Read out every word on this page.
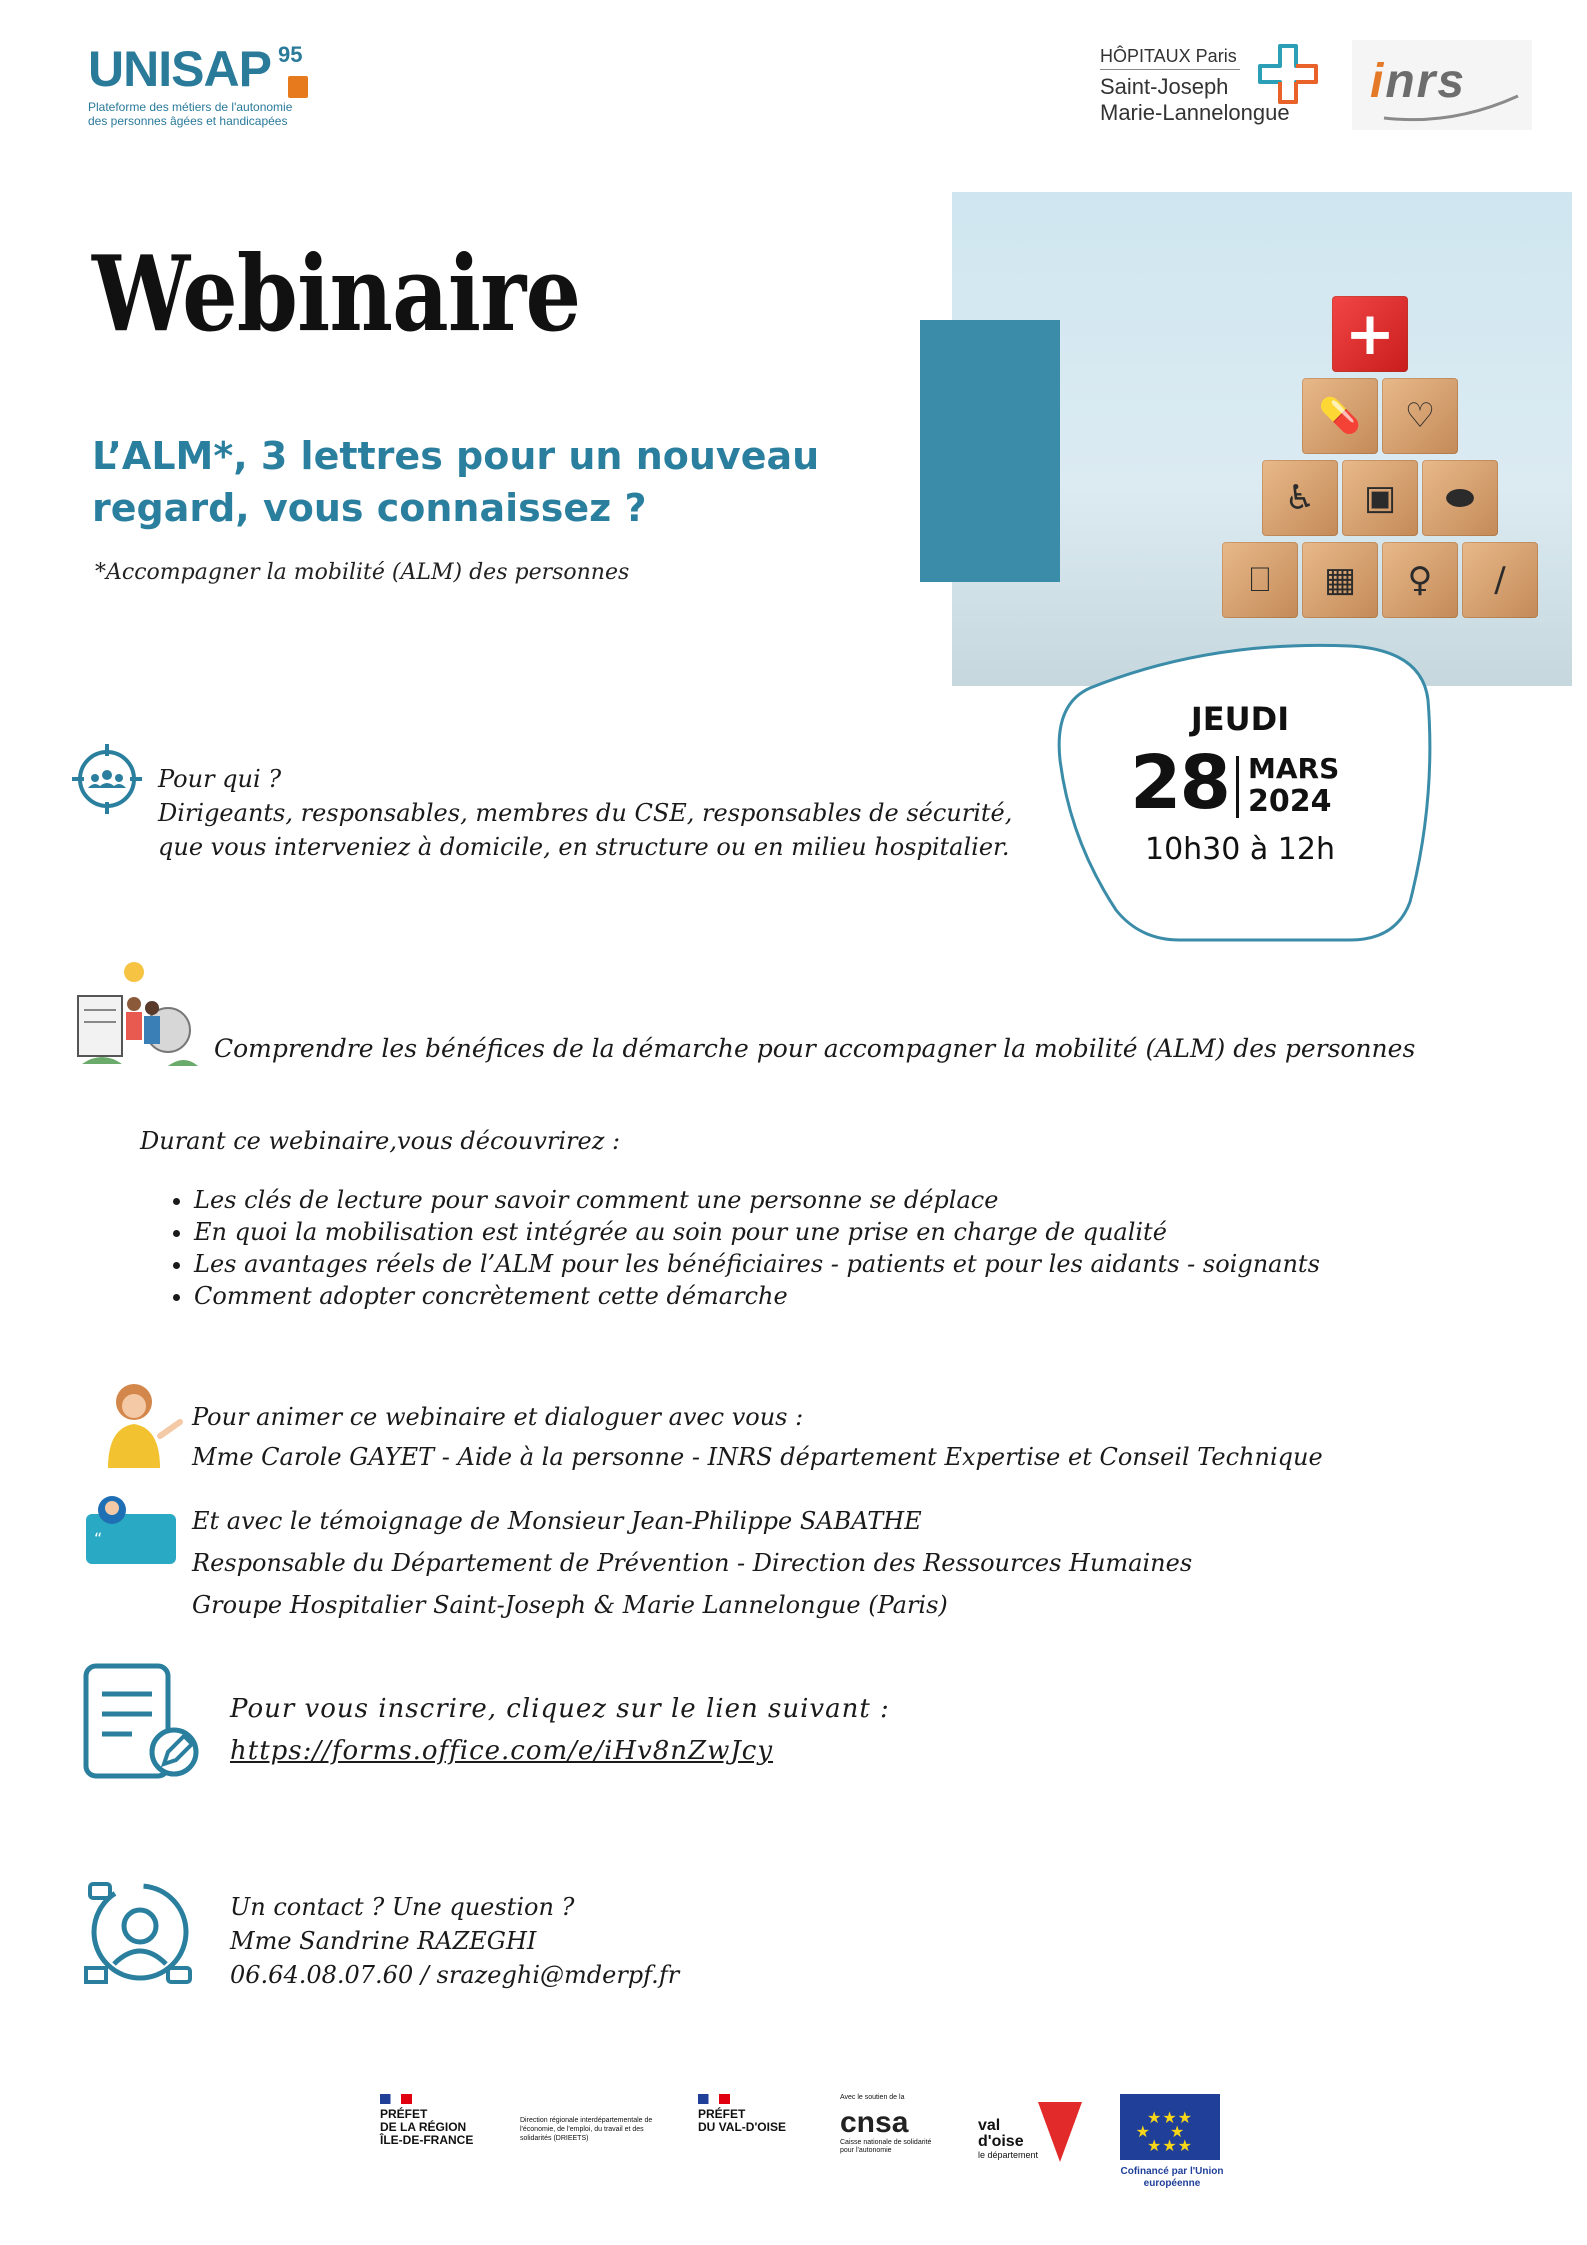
UNISAP 95
Plateforme des métiers de l'autonomie
des personnes âgées et handicapées
HÔPITAUX Paris
Saint-Joseph
Marie-Lannelongue
inrs
Webinaire
L’ALM*, 3 lettres pour un nouveau regard, vous connaissez ?
*Accompagner la mobilité (ALM) des personnes
+
💊	♡
♿	▣	⬬
⎕	▦	♀	∕
JEUDI
28 MARS
2024
10h30 à 12h
Pour qui ?
Dirigeants, responsables, membres du CSE, responsables de sécurité, que vous interveniez à domicile, en structure ou en milieu hospitalier.
Comprendre les bénéfices de la démarche pour accompagner la mobilité (ALM) des personnes
Durant ce webinaire,vous découvrirez :
• Les clés de lecture pour savoir comment une personne se déplace
• En quoi la mobilisation est intégrée au soin pour une prise en charge de qualité
• Les avantages réels de l’ALM pour les bénéficiaires - patients et pour les aidants - soignants
• Comment adopter concrètement cette démarche
Pour animer ce webinaire et dialoguer avec vous :
Mme Carole GAYET - Aide à la personne - INRS département Expertise et Conseil Technique
“
Et avec le témoignage de Monsieur Jean-Philippe SABATHE
Responsable du Département de Prévention - Direction des Ressources Humaines
Groupe Hospitalier Saint-Joseph & Marie Lannelongue (Paris)
Pour vous inscrire, cliquez sur le lien suivant :
https://forms.office.com/e/iHv8nZwJcy
Un contact ? Une question ?
Mme Sandrine RAZEGHI
06.64.08.07.60 / srazeghi@mderpf.fr
PRÉFET
DE LA RÉGION
ÎLE-DE-FRANCE
Direction régionale interdépartementale de l'économie, de l'emploi, du travail et des solidarités (DRIEETS)
PRÉFET
DU VAL-D'OISE
Avec le soutien de la
cnsa
Caisse nationale de solidarité pour l'autonomie
val
d'oise
le département
★★★
★★
★★★
Cofinancé par l'Union européenne
